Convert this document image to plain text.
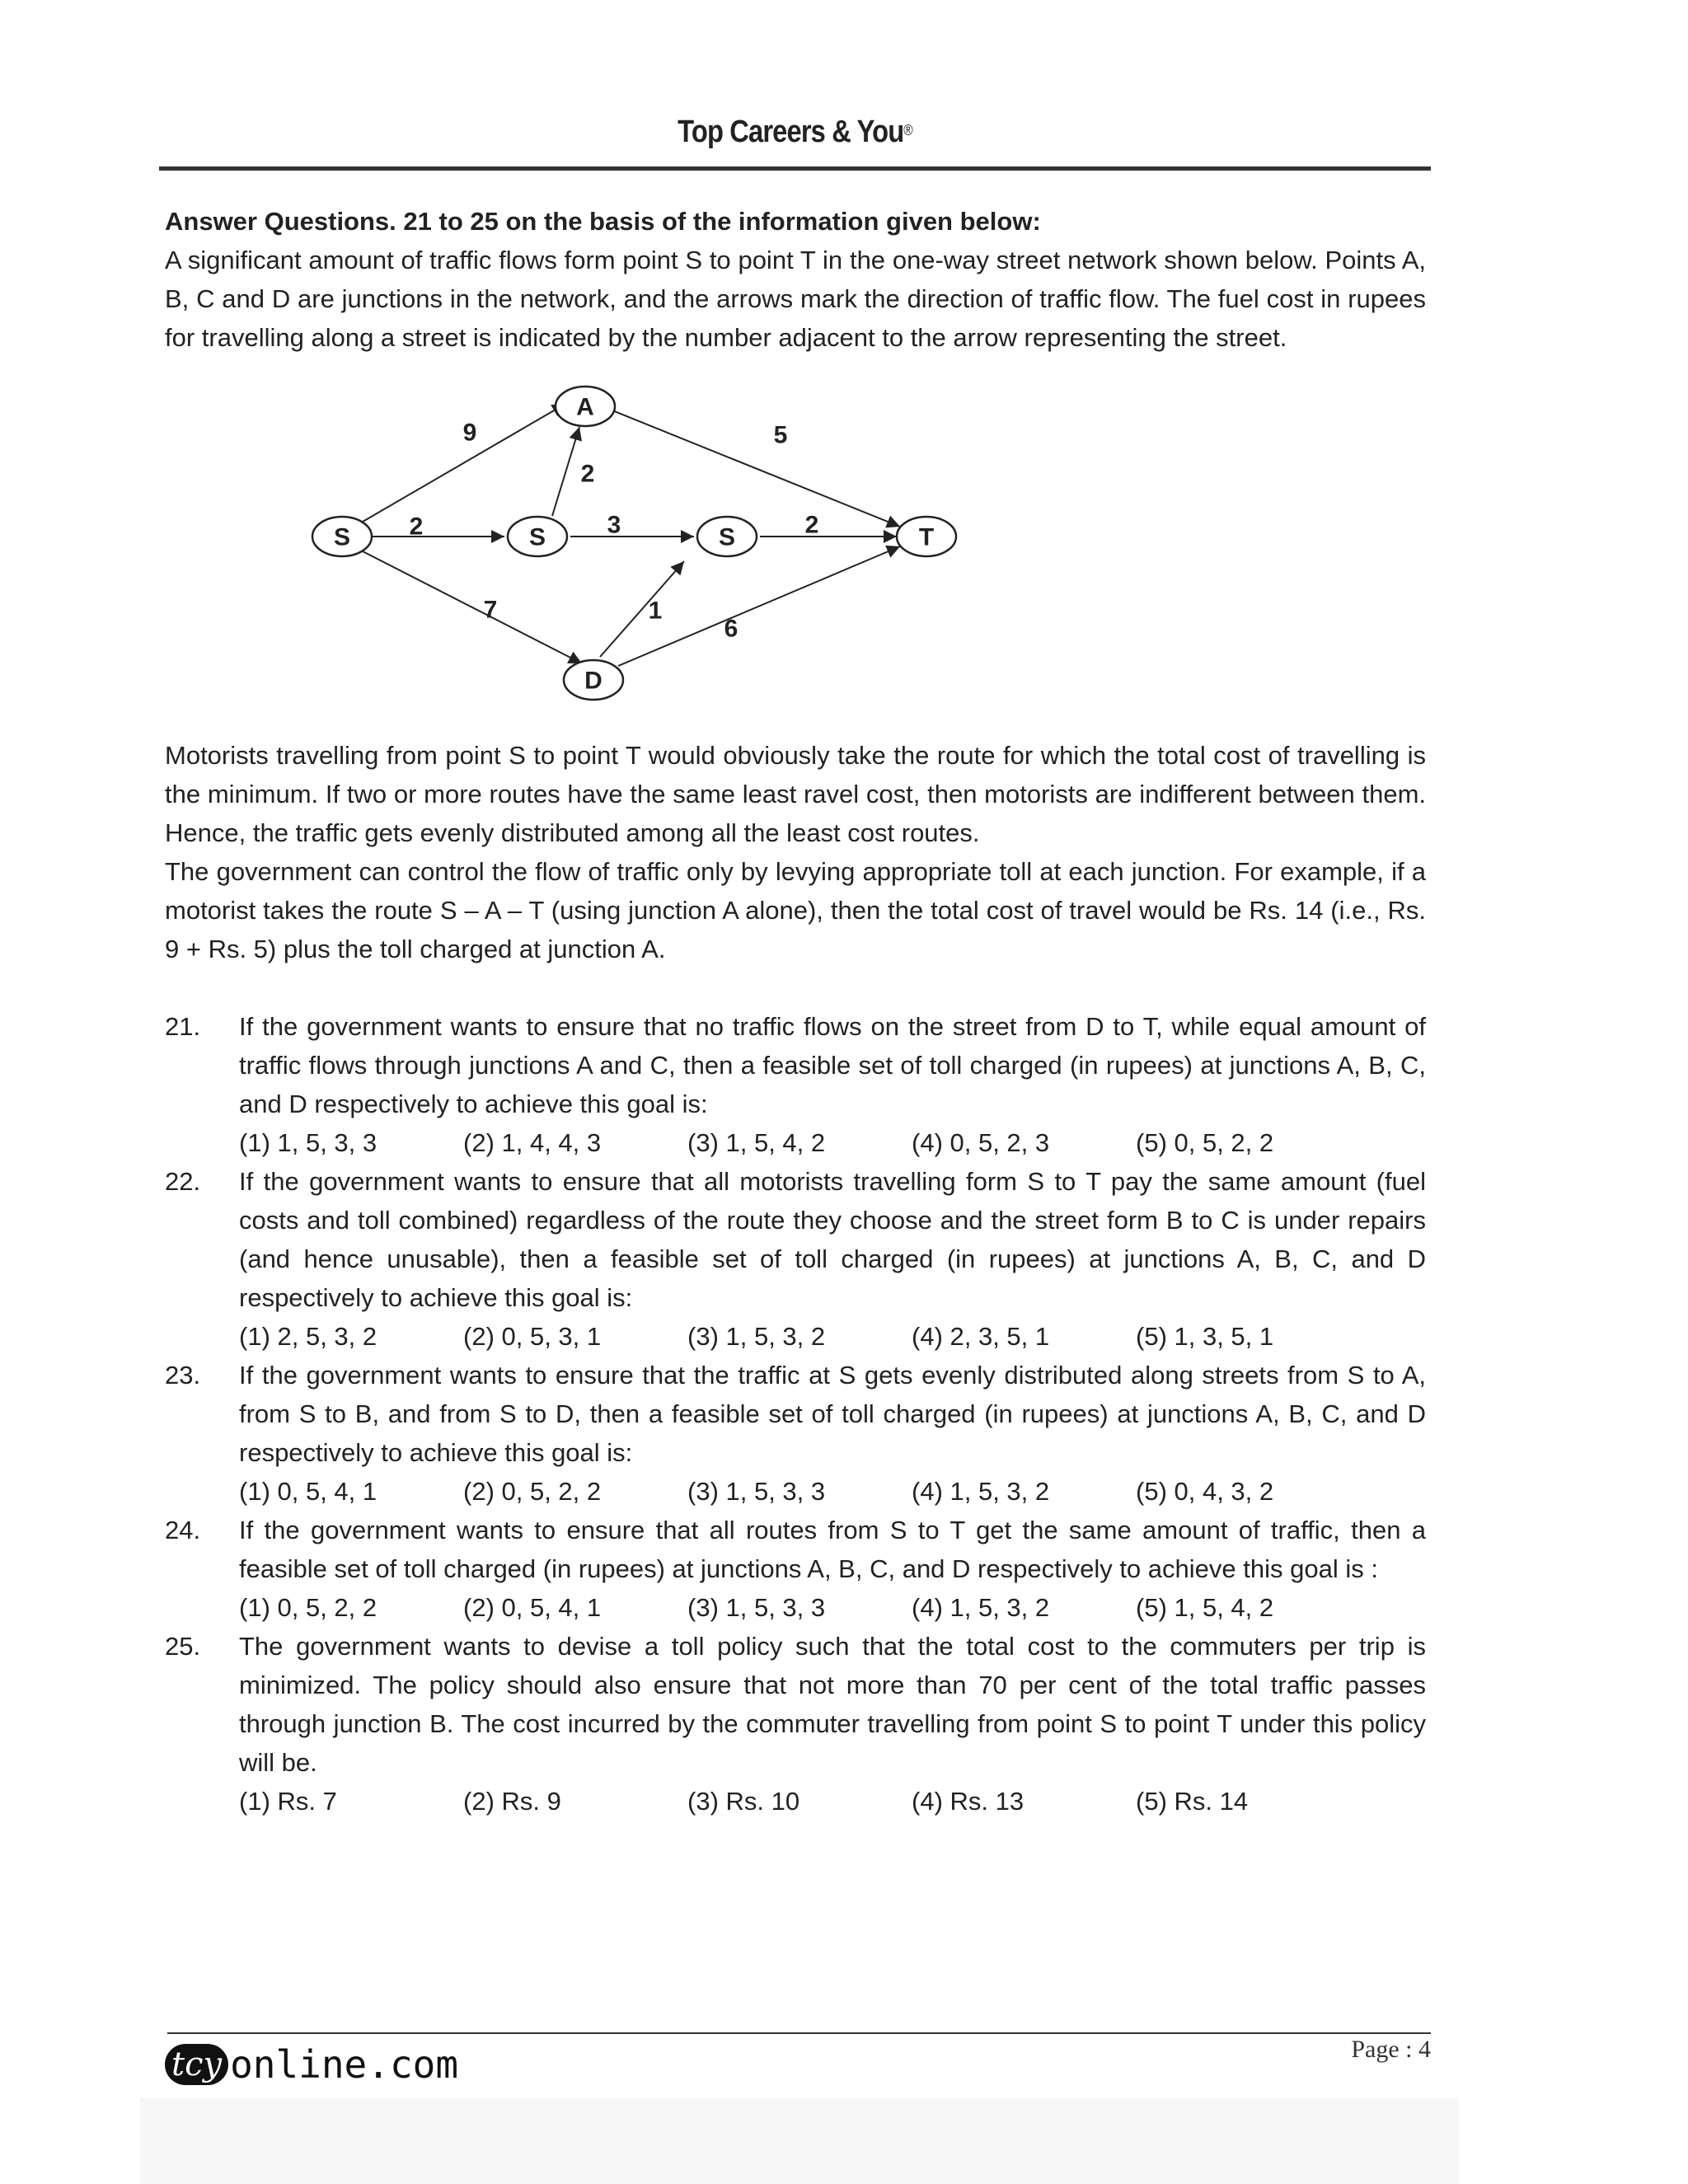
Top Careers & You®

Answer Questions. 21 to 25 on the basis of the information given below:

A significant amount of traffic flows form point S to point T in the one-way street network shown below. Points A, B, C and D are junctions in the network, and the arrows mark the direction of traffic flow. The fuel cost in rupees for travelling along a street is indicated by the number adjacent to the arrow representing the street.

S
A
S	S	T
D
9
2
2
3
5
2
7	1
6

Motorists travelling from point S to point T would obviously take the route for which the total cost of travelling is the minimum. If two or more routes have the same least ravel cost, then motorists are indifferent between them. Hence, the traffic gets evenly distributed among all the least cost routes.

The government can control the flow of traffic only by levying appropriate toll at each junction. For example, if a motorist takes the route S – A – T (using junction A alone), then the total cost of travel would be Rs. 14 (i.e., Rs. 9 + Rs. 5) plus the toll charged at junction A.

21.	If the government wants to ensure that no traffic flows on the street from D to T, while equal amount of traffic flows through junctions A and C, then a feasible set of toll charged (in rupees) at junctions A, B, C, and D respectively to achieve this goal is:
(1) 1, 5, 3, 3	(2) 1, 4, 4, 3	(3) 1, 5, 4, 2	(4) 0, 5, 2, 3	(5) 0, 5, 2, 2
22.	If the government wants to ensure that all motorists travelling form S to T pay the same amount (fuel costs and toll combined) regardless of the route they choose and the street form B to C is under repairs (and hence unusable), then a feasible set of toll charged (in rupees) at junctions A, B, C, and D respectively to achieve this goal is:
(1) 2, 5, 3, 2	(2) 0, 5, 3, 1	(3) 1, 5, 3, 2	(4) 2, 3, 5, 1	(5) 1, 3, 5, 1
23.	If the government wants to ensure that the traffic at S gets evenly distributed along streets from S to A, from S to B, and from S to D, then a feasible set of toll charged (in rupees) at junctions A, B, C, and D respectively to achieve this goal is:
(1) 0, 5, 4, 1	(2) 0, 5, 2, 2	(3) 1, 5, 3, 3	(4) 1, 5, 3, 2	(5) 0, 4, 3, 2
24.	If the government wants to ensure that all routes from S to T get the same amount of traffic, then a feasible set of toll charged (in rupees) at junctions A, B, C, and D respectively to achieve this goal is :
(1) 0, 5, 2, 2	(2) 0, 5, 4, 1	(3) 1, 5, 3, 3	(4) 1, 5, 3, 2	(5) 1, 5, 4, 2
25.	The government wants to devise a toll policy such that the total cost to the commuters per trip is minimized. The policy should also ensure that not more than 70 per cent of the total traffic passes through junction B. The cost incurred by the commuter travelling from point S to point T under this policy will be.
(1) Rs. 7	(2) Rs. 9	(3) Rs. 10	(4) Rs. 13	(5) Rs. 14
tcy online.com	Page : 4
